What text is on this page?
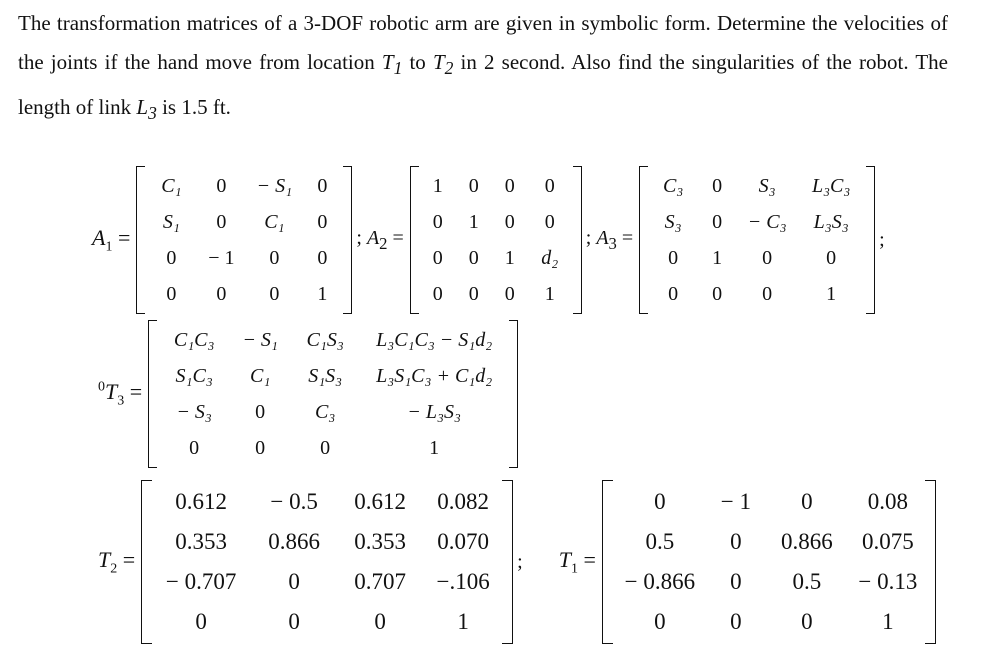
The transformation matrices of a 3-DOF robotic arm are given in symbolic form. Determine the velocities of the joints if the hand move from location $T_1$ to $T_2$ in 2 second. Also find the singularities of the robot. The length of link $L_3$ is 1.5 ft.

$A_1$ =
C₁	0	− S₁	0
S₁	0	C₁	0
0	− 1	0	0
0	0	0	1
; $A_2$ =
1	0	0	0
0	1	0	0
0	0	1	d₂
0	0	0	1
; $A_3$ =
C₃	0	S₃	L₃C₃
S₃	0	− C₃	L₃S₃
0	1	0	0
0	0	0	1
;
$^0T_3$ =
C₁C₃	− S₁	C₁S₃	L₃C₁C₃ − S₁d₂
S₁C₃	C₁	S₁S₃	L₃S₁C₃ + C₁d₂
− S₃	0	C₃	− L₃S₃
0	0	0	1
$T_2$ =
0.612	− 0.5	0.612	0.082
0.353	0.866	0.353	0.070
− 0.707	0	0.707	−.106
0	0	0	1
; $T_1$ =
0	− 1	0	0.08
0.5	0	0.866	0.075
− 0.866	0	0.5	− 0.13
0	0	0	1
